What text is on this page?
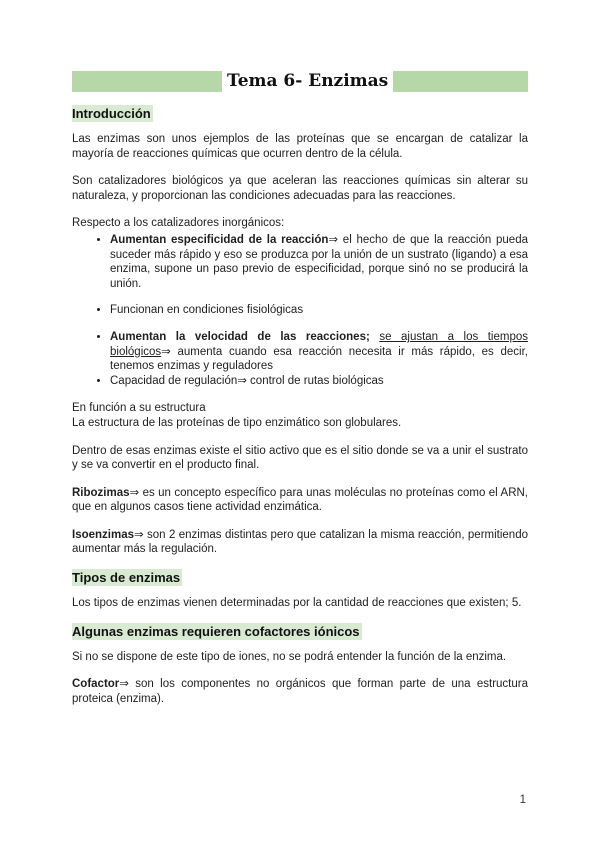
Tema 6- Enzimas
Introducción

Las enzimas son unos ejemplos de las proteínas que se encargan de catalizar la mayoría de reacciones químicas que ocurren dentro de la célula.

Son catalizadores biológicos ya que aceleran las reacciones químicas sin alterar su naturaleza, y proporcionan las condiciones adecuadas para las reacciones.

Respecto a los catalizadores inorgánicos:

• Aumentan especificidad de la reacción⇒ el hecho de que la reacción pueda suceder más rápido y eso se produzca por la unión de un sustrato (ligando) a esa enzima, supone un paso previo de especificidad, porque sinó no se producirá la unión.
• Funcionan en condiciones fisiológicas
• Aumentan la velocidad de las reacciones; se ajustan a los tiempos biológicos⇒ aumenta cuando esa reacción necesita ir más rápido, es decir, tenemos enzimas y reguladores
• Capacidad de regulación⇒ control de rutas biológicas

En función a su estructura
La estructura de las proteínas de tipo enzimático son globulares.

Dentro de esas enzimas existe el sitio activo que es el sitio donde se va a unir el sustrato y se va convertir en el producto final.

Ribozimas⇒ es un concepto específico para unas moléculas no proteínas como el ARN, que en algunos casos tiene actividad enzimática.

Isoenzimas⇒ son 2 enzimas distintas pero que catalizan la misma reacción, permitiendo aumentar más la regulación.

Tipos de enzimas

Los tipos de enzimas vienen determinadas por la cantidad de reacciones que existen; 5.

Algunas enzimas requieren cofactores iónicos

Si no se dispone de este tipo de iones, no se podrá entender la función de la enzima.

Cofactor⇒ son los componentes no orgánicos que forman parte de una estructura proteica (enzima).

1
